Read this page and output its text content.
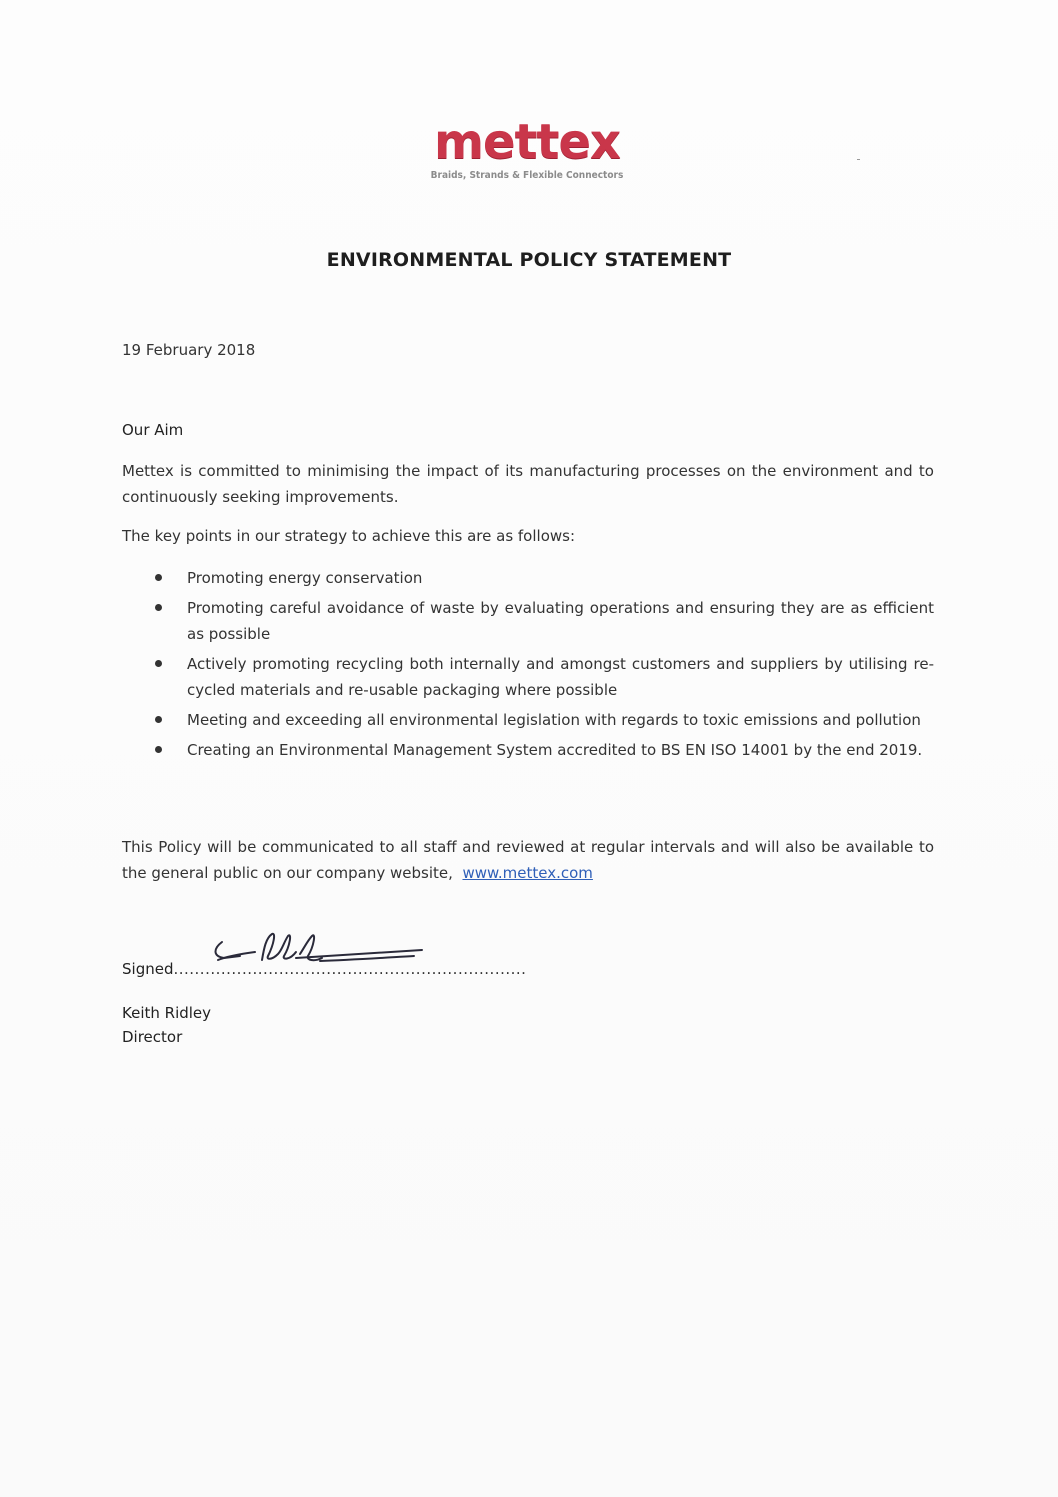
mettex
Braids, Strands & Flexible Connectors
ENVIRONMENTAL POLICY STATEMENT
19 February 2018
Our Aim

Mettex is committed to minimising the impact of its manufacturing processes on the environment and to continuously seeking improvements.

The key points in our strategy to achieve this are as follows:

Promoting energy conservation
Promoting careful avoidance of waste by evaluating operations and ensuring they are as efficient as possible
Actively promoting recycling both internally and amongst customers and suppliers by utilising re-cycled materials and re-usable packaging where possible
Meeting and exceeding all environmental legislation with regards to toxic emissions and pollution
Creating an Environmental Management System accredited to BS EN ISO 14001 by the end 2019.

This Policy will be communicated to all staff and reviewed at regular intervals and will also be available to the general public on our company website, www.mettex.com

Signed...................................................................
Keith Ridley
Director
